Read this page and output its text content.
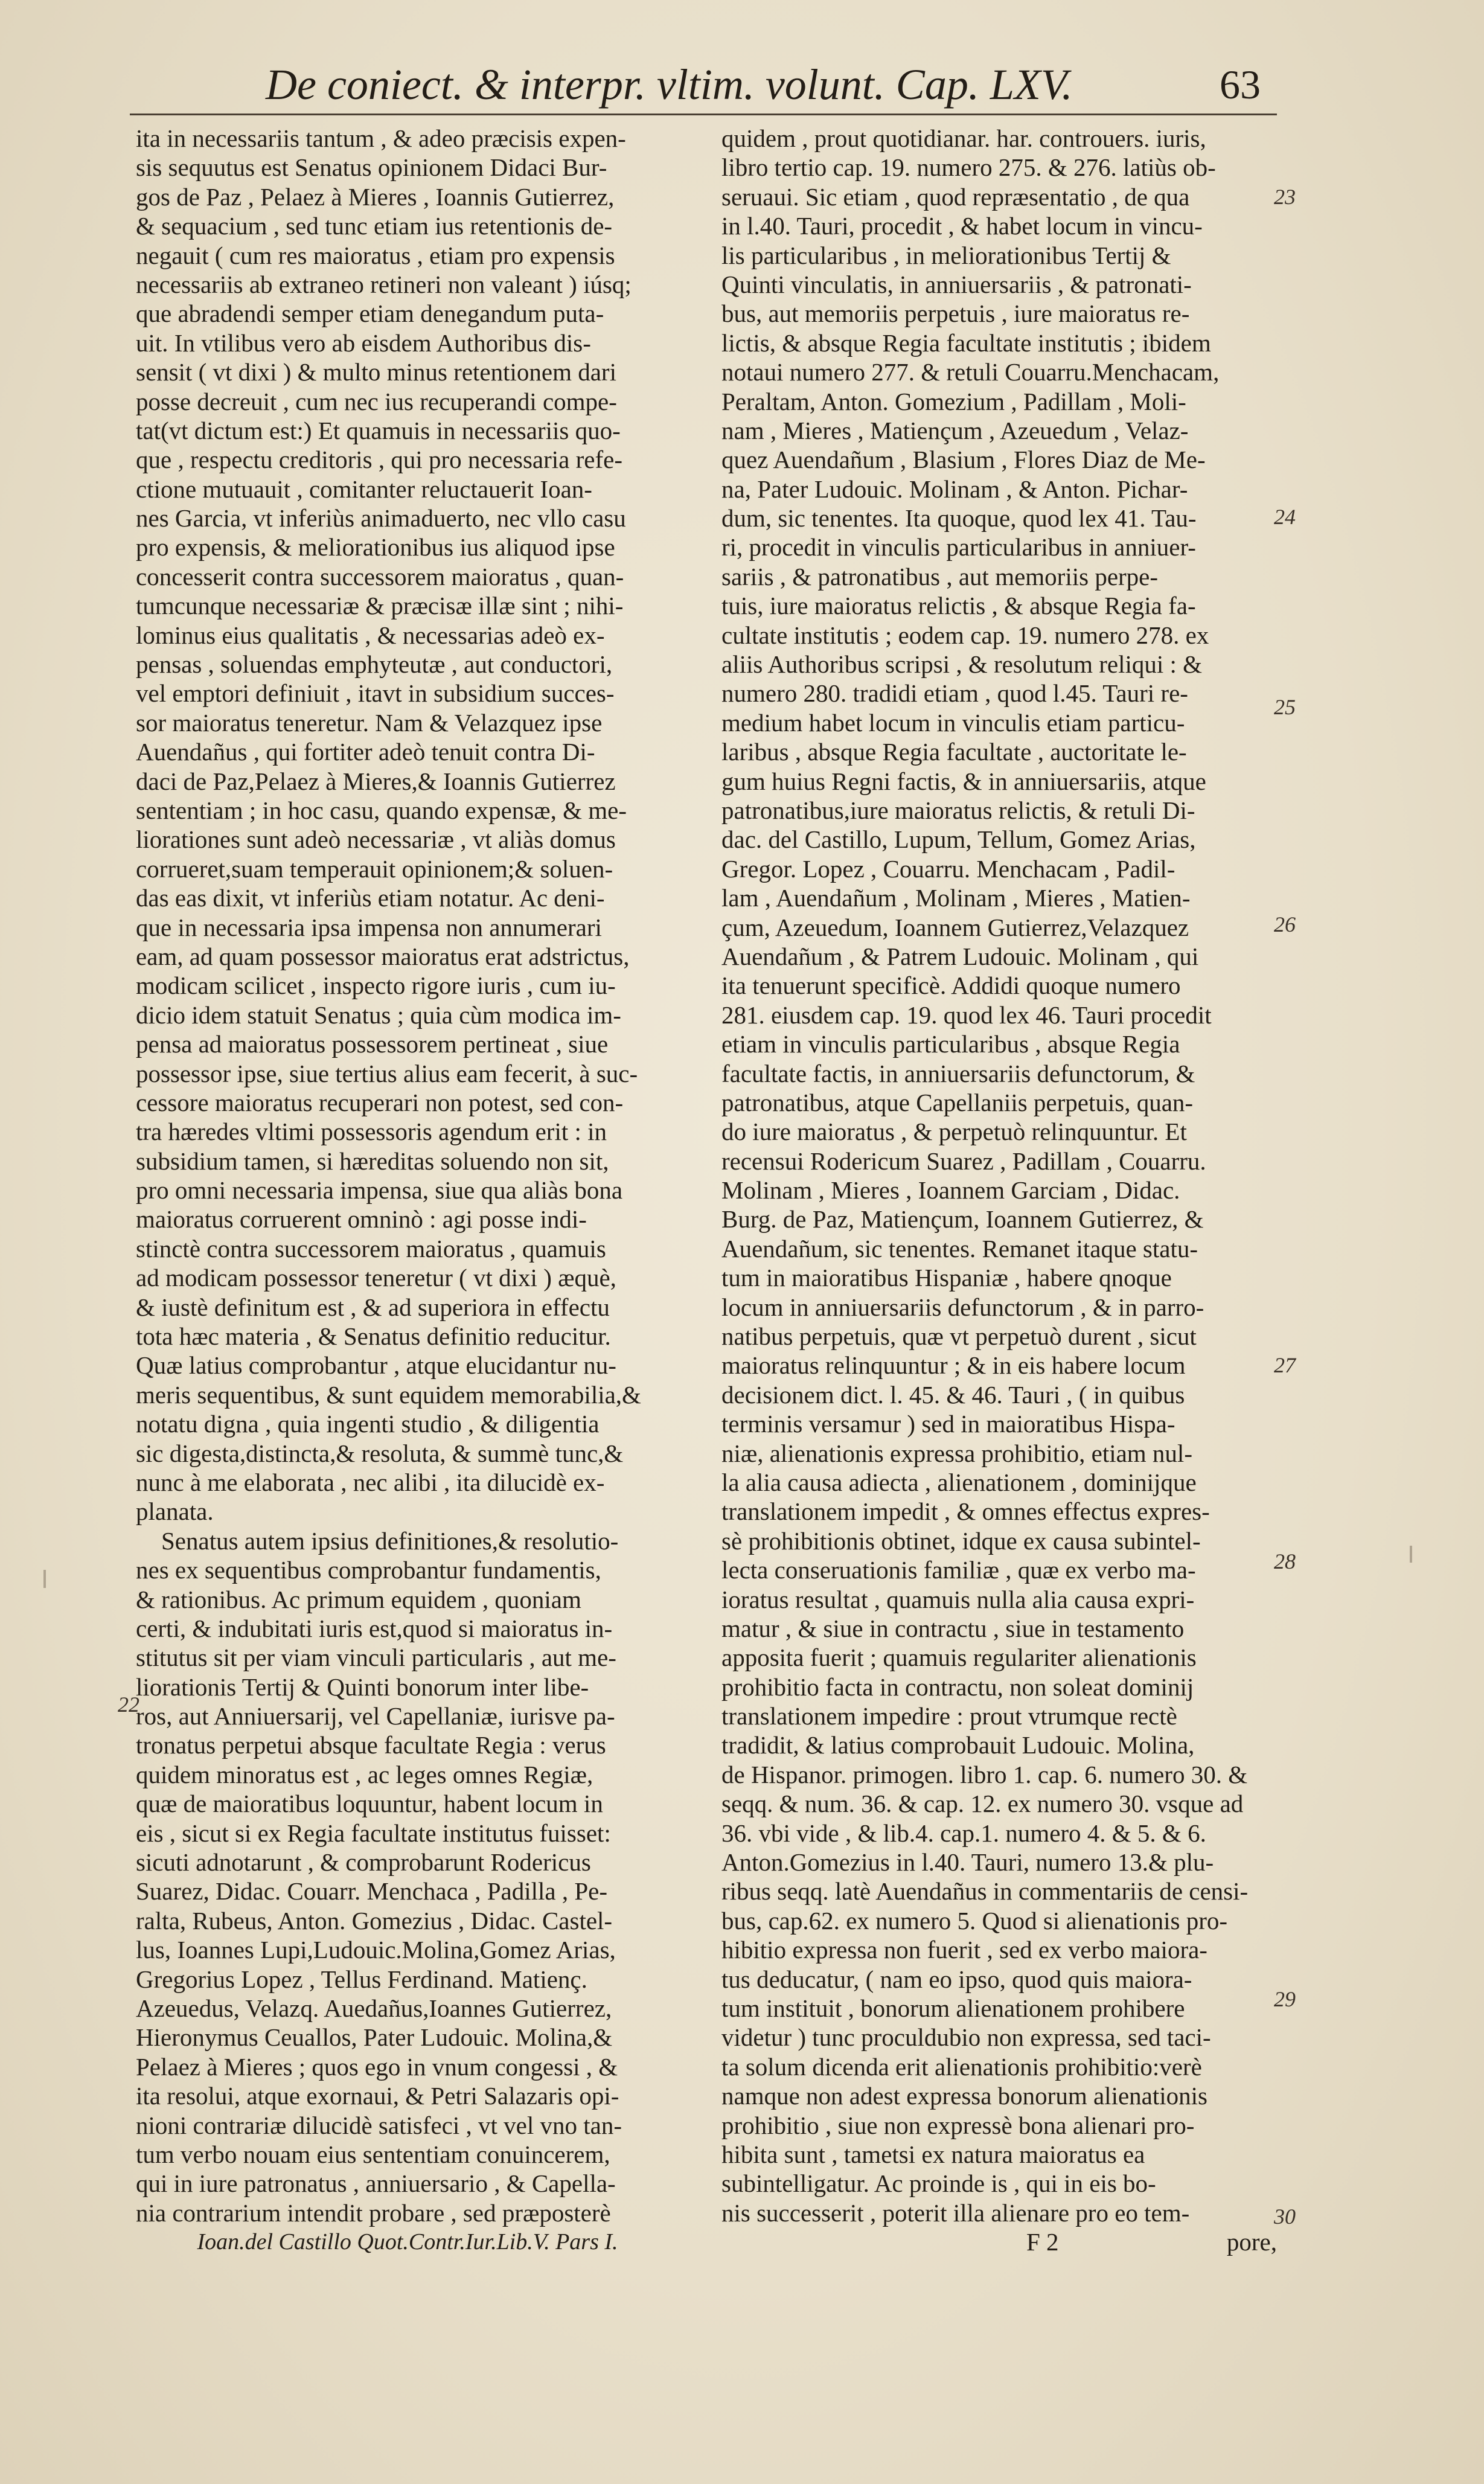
De coniect. & interpr. vltim. volunt. Cap. LXV.	63
ita in necessariis tantum , & adeo præcisis expen-
sis sequutus est Senatus opinionem Didaci Bur-
gos de Paz , Pelaez à Mieres , Ioannis Gutierrez,
& sequacium , sed tunc etiam ius retentionis de-
negauit ( cum res maioratus , etiam pro expensis
necessariis ab extraneo retineri non valeant ) iúsq;
que abradendi semper etiam denegandum puta-
uit. In vtilibus vero ab eisdem Authoribus dis-
sensit ( vt dixi ) & multo minus retentionem dari
posse decreuit , cum nec ius recuperandi compe-
tat(vt dictum est:) Et quamuis in necessariis quo-
que , respectu creditoris , qui pro necessaria refe-
ctione mutuauit , comitanter reluctauerit Ioan-
nes Garcia, vt inferiùs animaduerto, nec vllo casu
pro expensis, & meliorationibus ius aliquod ipse
concesserit contra successorem maioratus , quan-
tumcunque necessariæ & præcisæ illæ sint ; nihi-
lominus eius qualitatis , & necessarias adeò ex-
pensas , soluendas emphyteutæ , aut conductori,
vel emptori definiuit , itavt in subsidium succes-
sor maioratus teneretur. Nam & Velazquez ipse
Auendañus , qui fortiter adeò tenuit contra Di-
daci de Paz,Pelaez à Mieres,& Ioannis Gutierrez
sententiam ; in hoc casu, quando expensæ, & me-
liorationes sunt adeò necessariæ , vt aliàs domus
corrueret,suam temperauit opinionem;& soluen-
das eas dixit, vt inferiùs etiam notatur. Ac deni-
que in necessaria ipsa impensa non annumerari
eam, ad quam possessor maioratus erat adstrictus,
modicam scilicet , inspecto rigore iuris , cum iu-
dicio idem statuit Senatus ; quia cùm modica im-
pensa ad maioratus possessorem pertineat , siue
possessor ipse, siue tertius alius eam fecerit, à suc-
cessore maioratus recuperari non potest, sed con-
tra hæredes vltimi possessoris agendum erit : in
subsidium tamen, si hæreditas soluendo non sit,
pro omni necessaria impensa, siue qua aliàs bona
maioratus corruerent omninò : agi posse indi-
stinctè contra successorem maioratus , quamuis
ad modicam possessor teneretur ( vt dixi ) æquè,
& iustè definitum est , & ad superiora in effectu
tota hæc materia , & Senatus definitio reducitur.
Quæ latius comprobantur , atque elucidantur nu-
meris sequentibus, & sunt equidem memorabilia,&
notatu digna , quia ingenti studio , & diligentia
sic digesta,distincta,& resoluta, & summè tunc,&
nunc à me elaborata , nec alibi , ita dilucidè ex-
planata.
Senatus autem ipsius definitiones,& resolutio-
nes ex sequentibus comprobantur fundamentis,
& rationibus. Ac primum equidem , quoniam
certi, & indubitati iuris est,quod si maioratus in-
stitutus sit per viam vinculi particularis , aut me-
liorationis Tertij & Quinti bonorum inter libe-
ros, aut Anniuersarij, vel Capellaniæ, iurisve pa-
tronatus perpetui absque facultate Regia : verus
quidem minoratus est , ac leges omnes Regiæ,
quæ de maioratibus loquuntur, habent locum in
eis , sicut si ex Regia facultate institutus fuisset:
sicuti adnotarunt , & comprobarunt Rodericus
Suarez, Didac. Couarr. Menchaca , Padilla , Pe-
ralta, Rubeus, Anton. Gomezius , Didac. Castel-
lus, Ioannes Lupi,Ludouic.Molina,Gomez Arias,
Gregorius Lopez , Tellus Ferdinand. Matienç.
Azeuedus, Velazq. Auedañus,Ioannes Gutierrez,
Hieronymus Ceuallos, Pater Ludouic. Molina,&
Pelaez à Mieres ; quos ego in vnum congessi , &
ita resolui, atque exornaui, & Petri Salazaris opi-
nioni contrariæ dilucidè satisfeci , vt vel vno tan-
tum verbo nouam eius sententiam conuincerem,
qui in iure patronatus , anniuersario , & Capella-
nia contrarium intendit probare , sed præposterè
Ioan.del Castillo Quot.Contr.Iur.Lib.V. Pars I.
quidem , prout quotidianar. har. controuers. iuris,
libro tertio cap. 19. numero 275. & 276. latiùs ob-
seruaui. Sic etiam , quod repræsentatio , de qua
in l.40. Tauri, procedit , & habet locum in vincu-
lis particularibus , in meliorationibus Tertij &
Quinti vinculatis, in anniuersariis , & patronati-
bus, aut memoriis perpetuis , iure maioratus re-
lictis, & absque Regia facultate institutis ; ibidem
notaui numero 277. & retuli Couarru.Menchacam,
Peraltam, Anton. Gomezium , Padillam , Moli-
nam , Mieres , Matiençum , Azeuedum , Velaz-
quez Auendañum , Blasium , Flores Diaz de Me-
na, Pater Ludouic. Molinam , & Anton. Pichar-
dum, sic tenentes. Ita quoque, quod lex 41. Tau-
ri, procedit in vinculis particularibus in anniuer-
sariis , & patronatibus , aut memoriis perpe-
tuis, iure maioratus relictis , & absque Regia fa-
cultate institutis ; eodem cap. 19. numero 278. ex
aliis Authoribus scripsi , & resolutum reliqui : &
numero 280. tradidi etiam , quod l.45. Tauri re-
medium habet locum in vinculis etiam particu-
laribus , absque Regia facultate , auctoritate le-
gum huius Regni factis, & in anniuersariis, atque
patronatibus,iure maioratus relictis, & retuli Di-
dac. del Castillo, Lupum, Tellum, Gomez Arias,
Gregor. Lopez , Couarru. Menchacam , Padil-
lam , Auendañum , Molinam , Mieres , Matien-
çum, Azeuedum, Ioannem Gutierrez,Velazquez
Auendañum , & Patrem Ludouic. Molinam , qui
ita tenuerunt specificè. Addidi quoque numero
281. eiusdem cap. 19. quod lex 46. Tauri procedit
etiam in vinculis particularibus , absque Regia
facultate factis, in anniuersariis defunctorum, &
patronatibus, atque Capellaniis perpetuis, quan-
do iure maioratus , & perpetuò relinquuntur. Et
recensui Rodericum Suarez , Padillam , Couarru.
Molinam , Mieres , Ioannem Garciam , Didac.
Burg. de Paz, Matiençum, Ioannem Gutierrez, &
Auendañum, sic tenentes. Remanet itaque statu-
tum in maioratibus Hispaniæ , habere qnoque
locum in anniuersariis defunctorum , & in parro-
natibus perpetuis, quæ vt perpetuò durent , sicut
maioratus relinquuntur ; & in eis habere locum
decisionem dict. l. 45. & 46. Tauri , ( in quibus
terminis versamur ) sed in maioratibus Hispa-
niæ, alienationis expressa prohibitio, etiam nul-
la alia causa adiecta , alienationem , dominijque
translationem impedit , & omnes effectus expres-
sè prohibitionis obtinet, idque ex causa subintel-
lecta conseruationis familiæ , quæ ex verbo ma-
ioratus resultat , quamuis nulla alia causa expri-
matur , & siue in contractu , siue in testamento
apposita fuerit ; quamuis regulariter alienationis
prohibitio facta in contractu, non soleat dominij
translationem impedire : prout vtrumque rectè
tradidit, & latius comprobauit Ludouic. Molina,
de Hispanor. primogen. libro 1. cap. 6. numero 30. &
seqq. & num. 36. & cap. 12. ex numero 30. vsque ad
36. vbi vide , & lib.4. cap.1. numero 4. & 5. & 6.
Anton.Gomezius in l.40. Tauri, numero 13.& plu-
ribus seqq. latè Auendañus in commentariis de censi-
bus, cap.62. ex numero 5. Quod si alienationis pro-
hibitio expressa non fuerit , sed ex verbo maiora-
tus deducatur, ( nam eo ipso, quod quis maiora-
tum instituit , bonorum alienationem prohibere
videtur ) tunc proculdubio non expressa, sed taci-
ta solum dicenda erit alienationis prohibitio:verè
namque non adest expressa bonorum alienationis
prohibitio , siue non expressè bona alienari pro-
hibita sunt , tametsi ex natura maioratus ea
subintelligatur. Ac proinde is , qui in eis bo-
nis successerit , poterit illa alienare pro eo tem-
F 2	pore,
22
23
24
25
26
27
28
29
30
